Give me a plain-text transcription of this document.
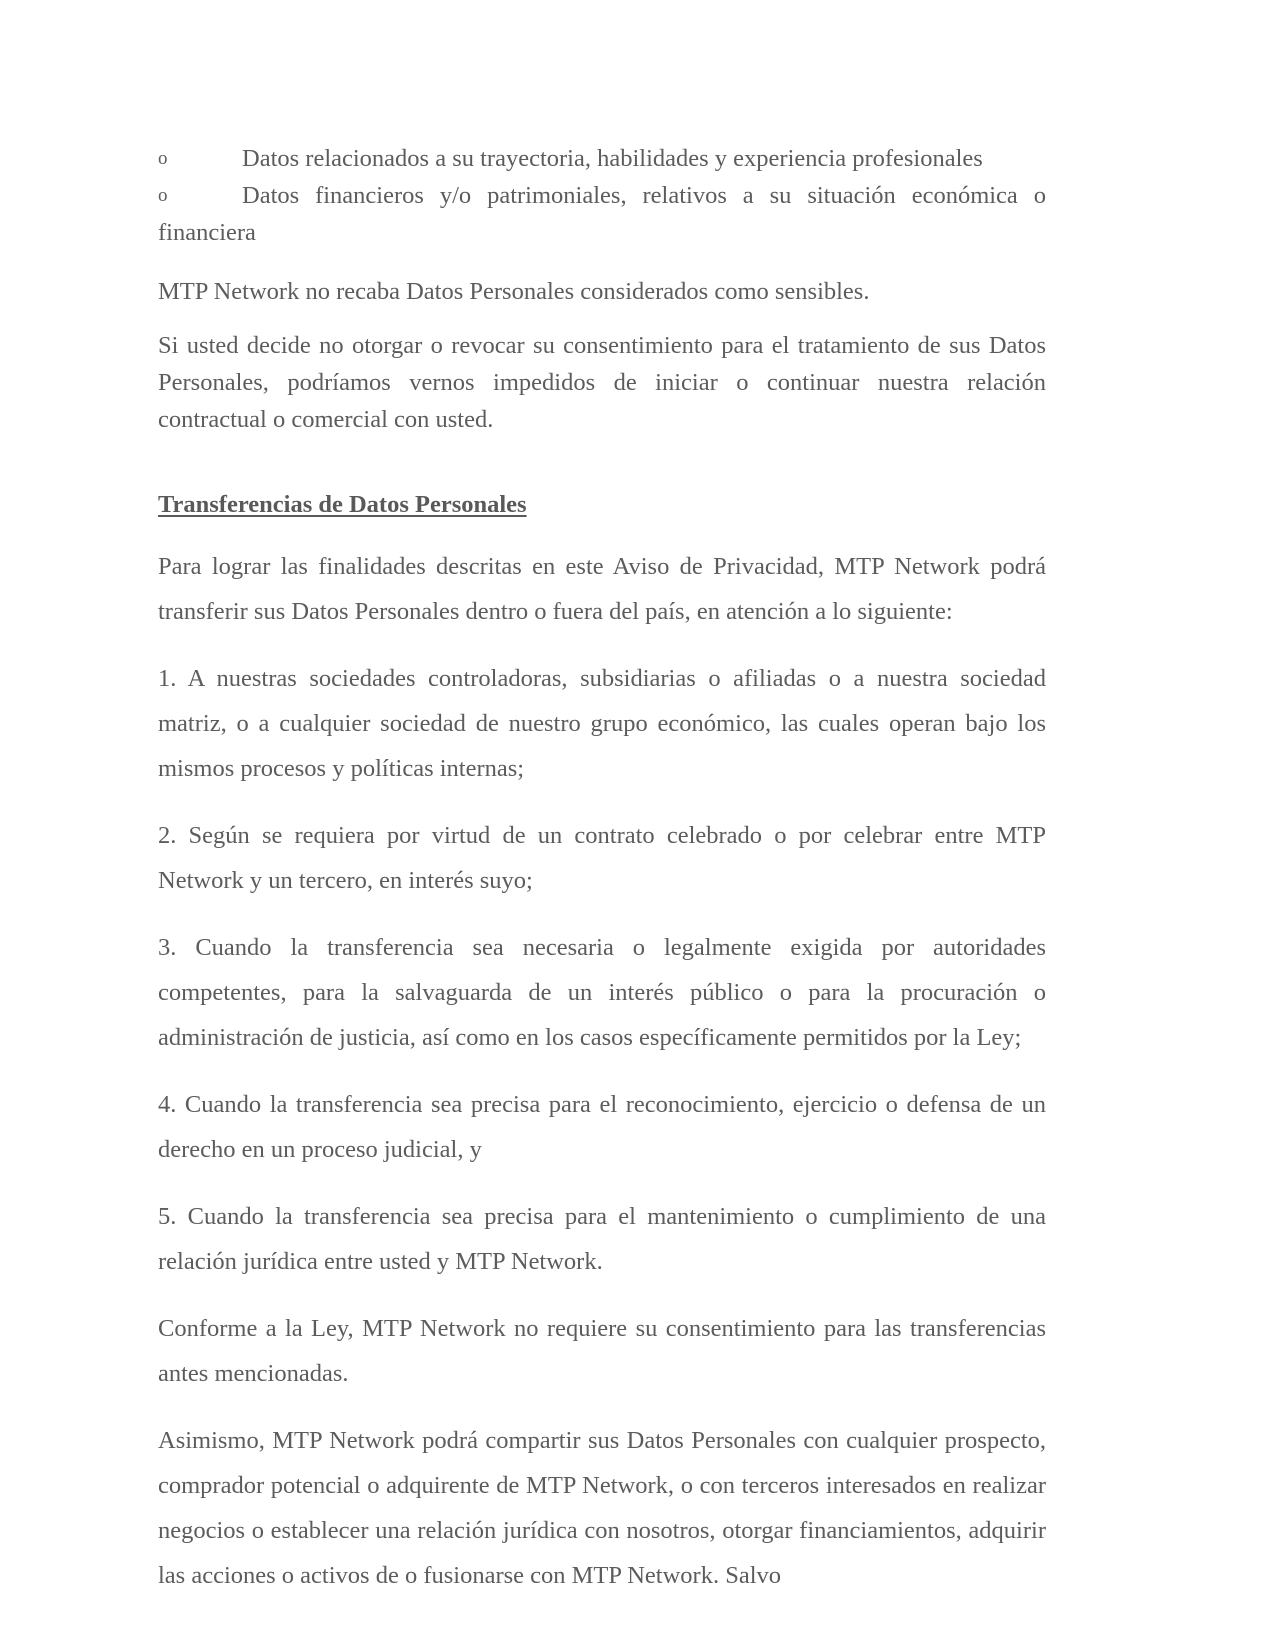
o	Datos relacionados a su trayectoria, habilidades y experiencia profesionales
o	Datos financieros y/o patrimoniales, relativos a su situación económica o financiera

MTP Network no recaba Datos Personales considerados como sensibles.

Si usted decide no otorgar o revocar su consentimiento para el tratamiento de sus Datos Personales, podríamos vernos impedidos de iniciar o continuar nuestra relación contractual o comercial con usted.

Transferencias de Datos Personales

Para lograr las finalidades descritas en este Aviso de Privacidad, MTP Network podrá transferir sus Datos Personales dentro o fuera del país, en atención a lo siguiente:

1. A nuestras sociedades controladoras, subsidiarias o afiliadas o a nuestra sociedad matriz, o a cualquier sociedad de nuestro grupo económico, las cuales operan bajo los mismos procesos y políticas internas;

2. Según se requiera por virtud de un contrato celebrado o por celebrar entre MTP Network y un tercero, en interés suyo;

3. Cuando la transferencia sea necesaria o legalmente exigida por autoridades competentes, para la salvaguarda de un interés público o para la procuración o administración de justicia, así como en los casos específicamente permitidos por la Ley;

4. Cuando la transferencia sea precisa para el reconocimiento, ejercicio o defensa de un derecho en un proceso judicial, y

5. Cuando la transferencia sea precisa para el mantenimiento o cumplimiento de una relación jurídica entre usted y MTP Network.

Conforme a la Ley, MTP Network no requiere su consentimiento para las transferencias antes mencionadas.

Asimismo, MTP Network podrá compartir sus Datos Personales con cualquier prospecto, comprador potencial o adquirente de MTP Network, o con terceros interesados en realizar negocios o establecer una relación jurídica con nosotros, otorgar financiamientos, adquirir las acciones o activos de o fusionarse con MTP Network. Salvo
